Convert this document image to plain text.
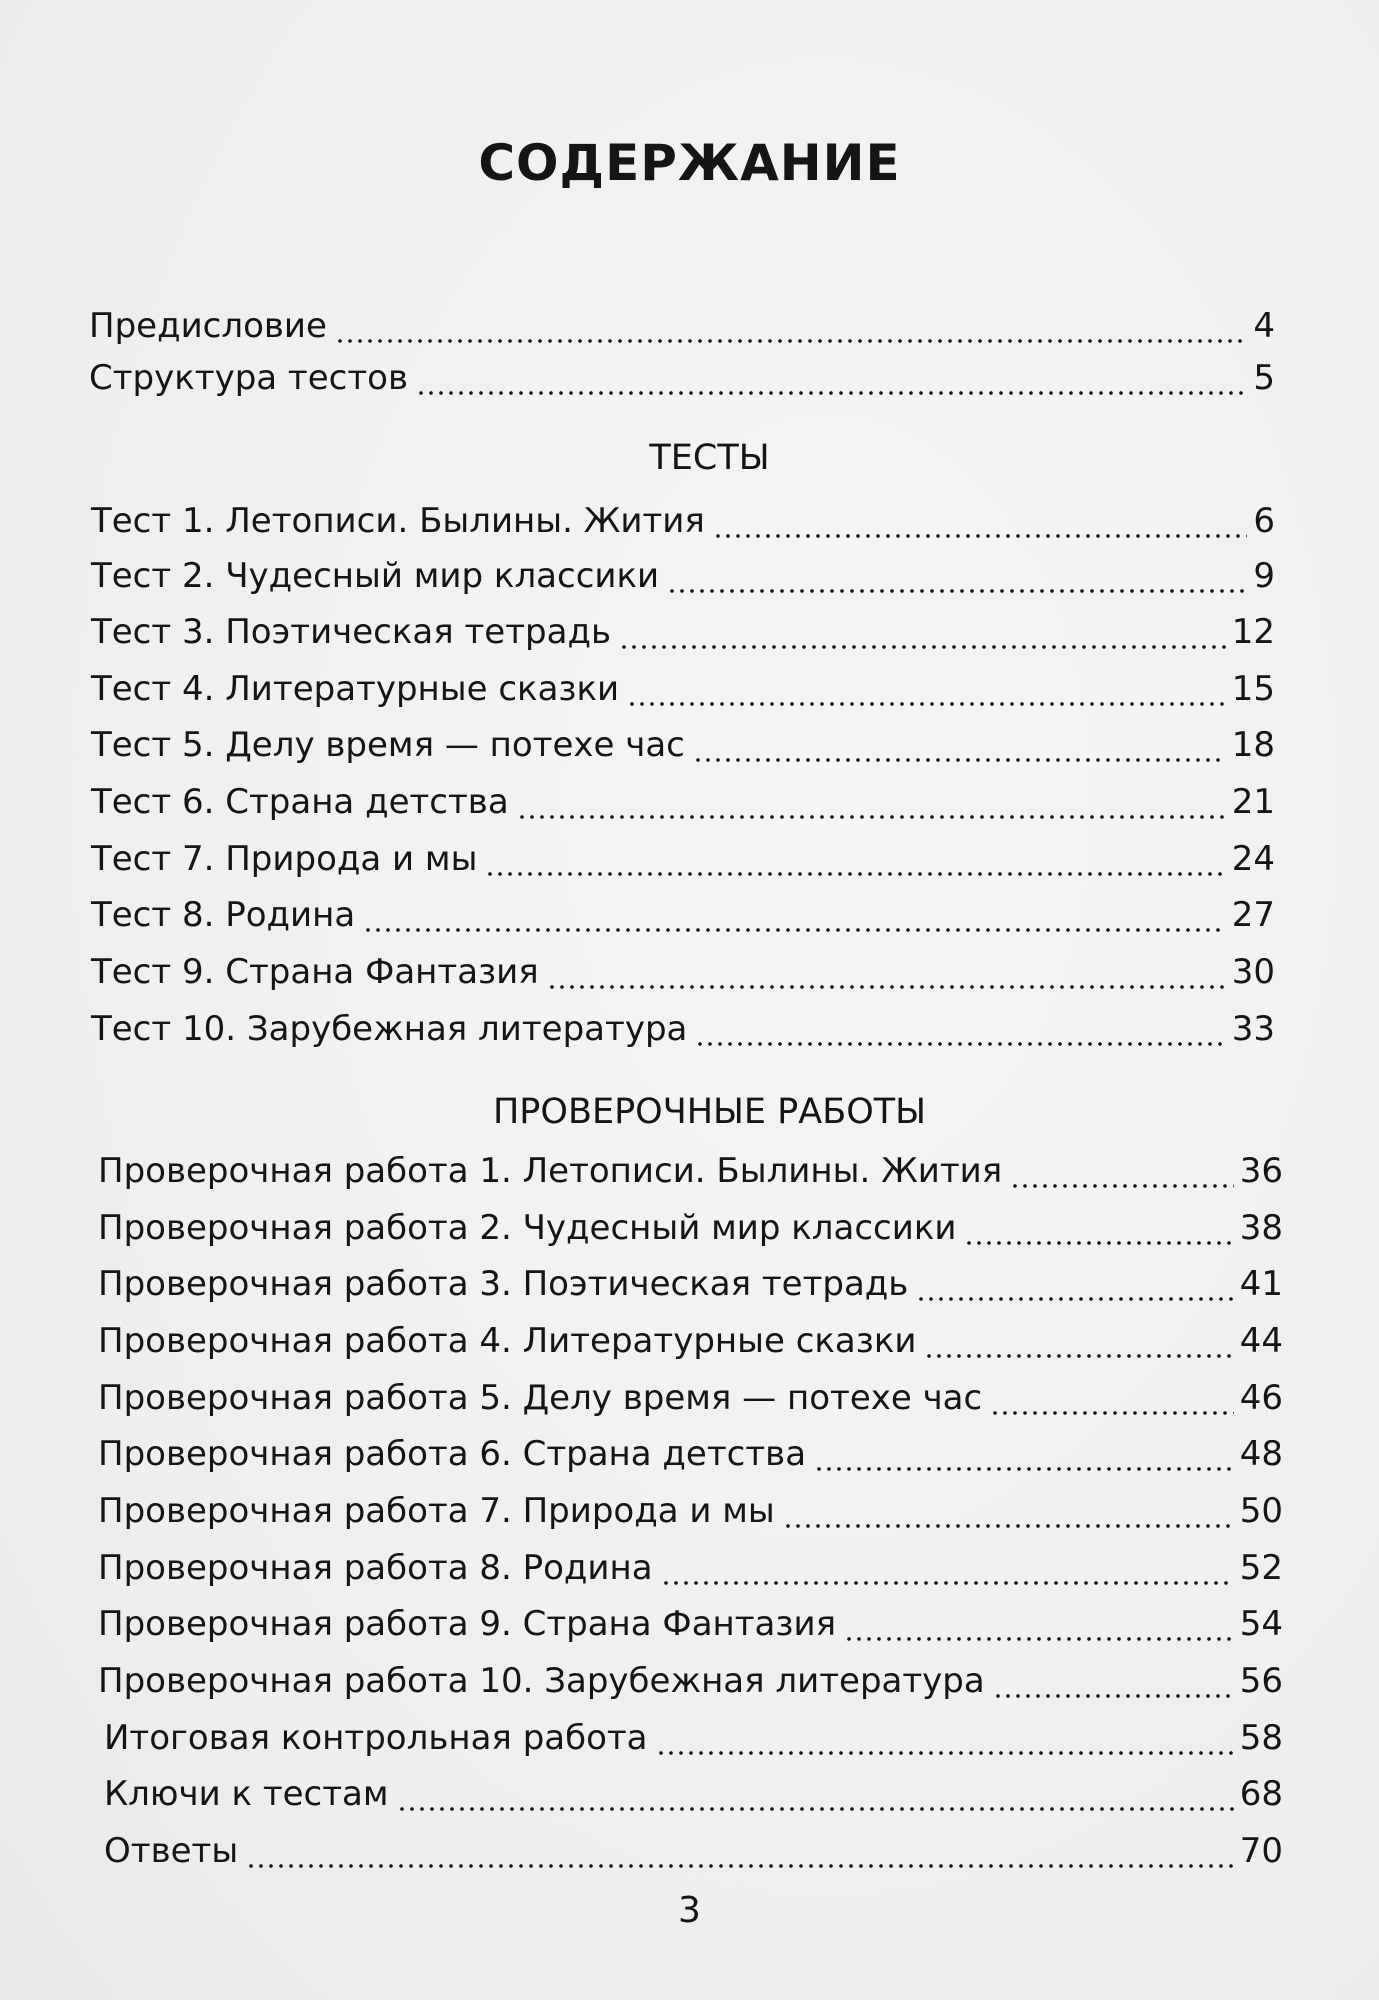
СОДЕРЖАНИЕ
Предисловие	4
Структура тестов	5
ТЕСТЫ
Тест 1. Летописи. Былины. Жития	6
Тест 2. Чудесный мир классики	9
Тест 3. Поэтическая тетрадь	12
Тест 4. Литературные сказки	15
Тест 5. Делу время — потехе час	18
Тест 6. Страна детства	21
Тест 7. Природа и мы	24
Тест 8. Родина	27
Тест 9. Страна Фантазия	30
Тест 10. Зарубежная литература	33
ПРОВЕРОЧНЫЕ РАБОТЫ
Проверочная работа 1. Летописи. Былины. Жития	36
Проверочная работа 2. Чудесный мир классики	38
Проверочная работа 3. Поэтическая тетрадь	41
Проверочная работа 4. Литературные сказки	44
Проверочная работа 5. Делу время — потехе час	46
Проверочная работа 6. Страна детства	48
Проверочная работа 7. Природа и мы	50
Проверочная работа 8. Родина	52
Проверочная работа 9. Страна Фантазия	54
Проверочная работа 10. Зарубежная литература	56
Итоговая контрольная работа	58
Ключи к тестам	68
Ответы	70
3
